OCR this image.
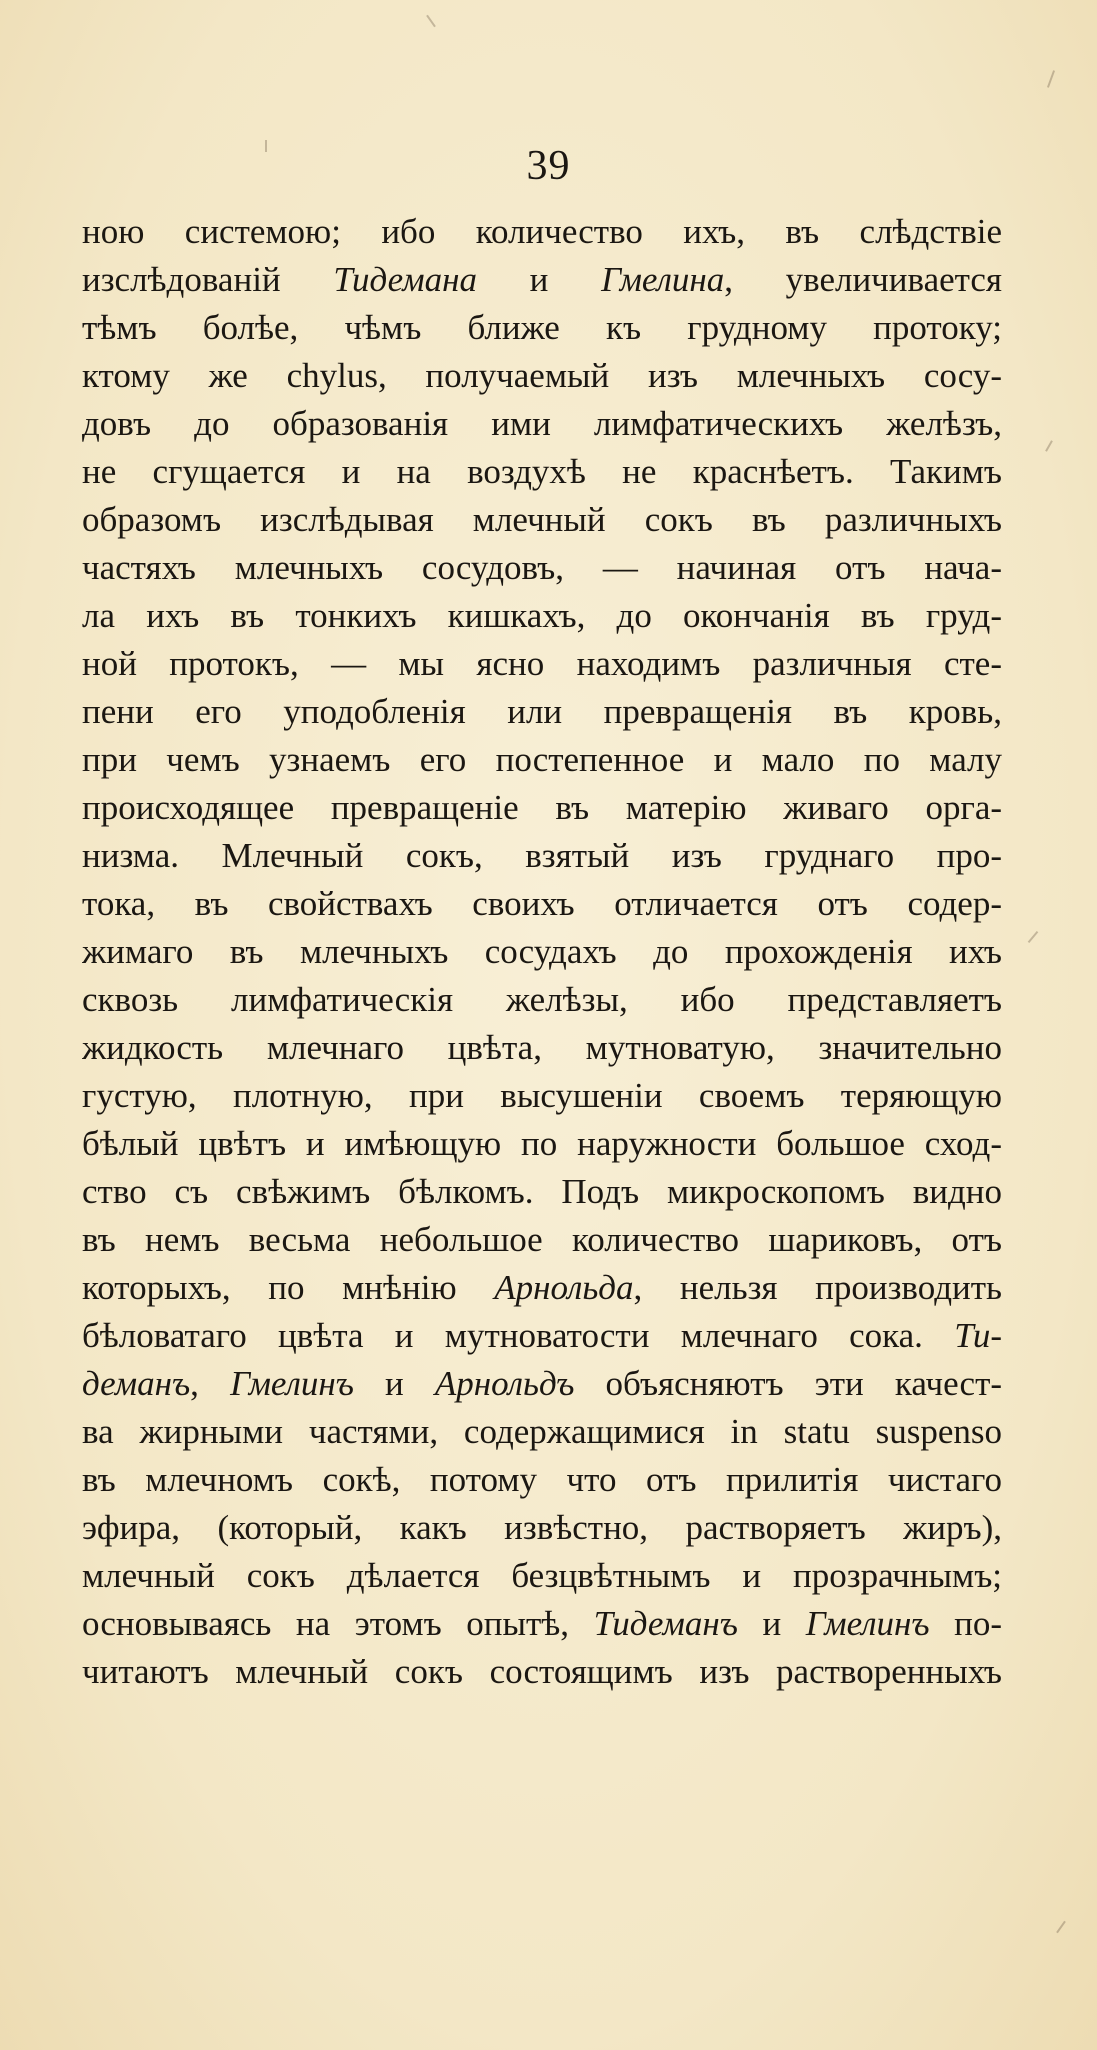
39
ною системою; ибо количество ихъ, въ слѣдствіе
изслѣдованій Тидемана и Гмелина, увеличивается
тѣмъ болѣе, чѣмъ ближе къ грудному протоку;
ктому же chylus, получаемый изъ млечныхъ сосу-
довъ до образованія ими лимфатическихъ желѣзъ,
не сгущается и на воздухѣ не краснѣетъ. Такимъ
образомъ изслѣдывая млечный сокъ въ различныхъ
частяхъ млечныхъ сосудовъ, — начиная отъ нача-
ла ихъ въ тонкихъ кишкахъ, до окончанія въ груд-
ной протокъ, — мы ясно находимъ различныя сте-
пени его уподобленія или превращенія въ кровь,
при чемъ узнаемъ его постепенное и мало по малу
происходящее превращеніе въ матерію живаго орга-
низма. Млечный сокъ, взятый изъ груднаго про-
тока, въ свойствахъ своихъ отличается отъ содер-
жимаго въ млечныхъ сосудахъ до прохожденія ихъ
сквозь лимфатическія желѣзы, ибо представляетъ
жидкость млечнаго цвѣта, мутноватую, значительно
густую, плотную, при высушеніи своемъ теряющую
бѣлый цвѣтъ и имѣющую по наружности большое сход-
ство съ свѣжимъ бѣлкомъ. Подъ микроскопомъ видно
въ немъ весьма небольшое количество шариковъ, отъ
которыхъ, по мнѣнію Арнольда, нельзя производить
бѣловатаго цвѣта и мутноватости млечнаго сока. Ти-
деманъ, Гмелинъ и Арнольдъ объясняютъ эти качест-
ва жирными частями, содержащимися in statu suspenso
въ млечномъ сокѣ, потому что отъ прилитія чистаго
эфира, (который, какъ извѣстно, растворяетъ жиръ),
млечный сокъ дѣлается безцвѣтнымъ и прозрачнымъ;
основываясь на этомъ опытѣ, Тидеманъ и Гмелинъ по-
читаютъ млечный сокъ состоящимъ изъ растворенныхъ
